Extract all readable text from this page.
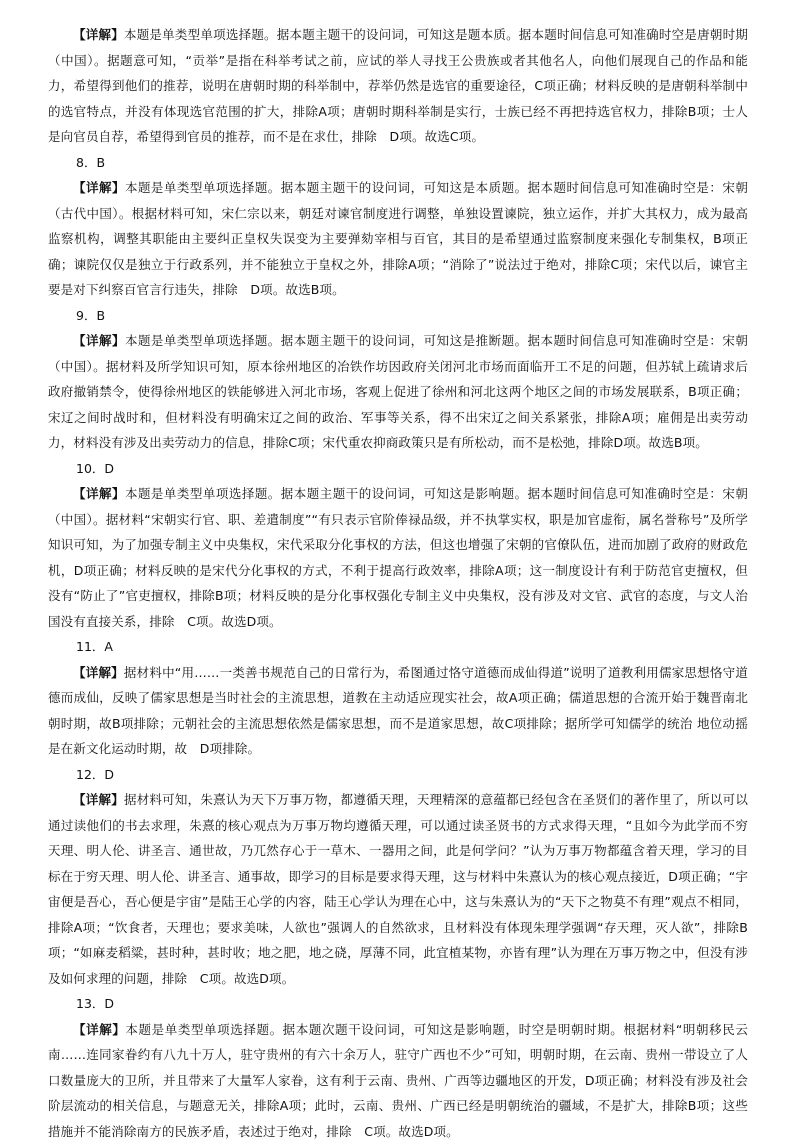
【详解】本题是单类型单项选择题。据本题主题干的设问词，可知这是题本质。据本题时间信息可知准确时空是唐朝时期（中国）。据题意可知，“贡举”是指在科举考试之前，应试的举人寻找王公贵族或者其他名人，向他们展现自己的作品和能力，希望得到他们的推荐，说明在唐朝时期的科举制中，荐举仍然是选官的重要途径，C项正确；材料反映的是唐朝科举制中的选官特点，并没有体现选官范围的扩大，排除A项；唐朝时期科举制是实行，士族已经不再把持选官权力，排除B项；士人是向官员自荐，希望得到官员的推荐，而不是在求仕，排除　D项。故选C项。

8．B

【详解】本题是单类型单项选择题。据本题主题干的设问词，可知这是本质题。据本题时间信息可知准确时空是：宋朝（古代中国）。根据材料可知，宋仁宗以来，朝廷对谏官制度进行调整，单独设置谏院，独立运作，并扩大其权力，成为最高监察机构，调整其职能由主要纠正皇权失误变为主要弹劾宰相与百官，其目的是希望通过监察制度来强化专制集权，B项正确；谏院仅仅是独立于行政系列，并不能独立于皇权之外，排除A项；“消除了”说法过于绝对，排除C项；宋代以后，谏官主要是对下纠察百官言行违失，排除　D项。故选B项。

9．B

【详解】本题是单类型单项选择题。据本题主题干的设问词，可知这是推断题。据本题时间信息可知准确时空是：宋朝（中国）。据材料及所学知识可知，原本徐州地区的冶铁作坊因政府关闭河北市场而面临开工不足的问题，但苏轼上疏请求后政府撤销禁令，使得徐州地区的铁能够进入河北市场，客观上促进了徐州和河北这两个地区之间的市场发展联系，B项正确；宋辽之间时战时和，但材料没有明确宋辽之间的政治、军事等关系，得不出宋辽之间关系紧张，排除A项；雇佣是出卖劳动力，材料没有涉及出卖劳动力的信息，排除C项；宋代重农抑商政策只是有所松动，而不是松弛，排除D项。故选B项。

10．D

【详解】本题是单类型单项选择题。据本题主题干的设问词，可知这是影响题。据本题时间信息可知准确时空是：宋朝（中国）。据材料“宋朝实行官、职、差遣制度”“有只表示官阶俸禄品级，并不执掌实权，职是加官虚衔，属名誉称号”及所学知识可知，为了加强专制主义中央集权，宋代采取分化事权的方法，但这也增强了宋朝的官僚队伍，进而加剧了政府的财政危机，D项正确；材料反映的是宋代分化事权的方式，不利于提高行政效率，排除A项；这一制度设计有利于防范官吏擅权，但没有“防止了”官吏擅权，排除B项；材料反映的是分化事权强化专制主义中央集权，没有涉及对文官、武官的态度，与文人治国没有直接关系，排除　C项。故选D项。

11．A

【详解】据材料中“用……一类善书规范自己的日常行为，希图通过恪守道德而成仙得道”说明了道教利用儒家思想恪守道德而成仙，反映了儒家思想是当时社会的主流思想，道教在主动适应现实社会，故A项正确；儒道思想的合流开始于魏晋南北朝时期，故B项排除；元朝社会的主流思想依然是儒家思想，而不是道家思想，故C项排除；据所学可知儒学的统治 地位动摇是在新文化运动时期，故　D项排除。

12．D

【详解】据材料可知，朱熹认为天下万事万物，都遵循天理，天理精深的意蕴都已经包含在圣贤们的著作里了，所以可以通过读他们的书去求理，朱熹的核心观点为万事万物均遵循天理，可以通过读圣贤书的方式求得天理，“且如今为此学而不穷天理、明人伦、讲圣言、通世故，乃兀然存心于一草木、一器用之间，此是何学问？”认为万事万物都蕴含着天理，学习的目标在于穷天理、明人伦、讲圣言、通事故，即学习的目标是要求得天理，这与材料中朱熹认为的核心观点接近，D项正确；“宇宙便是吾心，吾心便是宇宙”是陆王心学的内容，陆王心学认为理在心中，这与朱熹认为的“天下之物莫不有理”观点不相同，排除A项；“饮食者，天理也；要求美味，人欲也”强调人的自然欲求，且材料没有体现朱理学强调“存天理，灭人欲”，排除B项；“如麻麦稻粱，甚时种，甚时收；地之肥，地之硗，厚薄不同，此宜植某物，亦皆有理”认为理在万事万物之中，但没有涉及如何求理的问题，排除　C项。故选D项。

13．D

【详解】本题是单类型单项选择题。据本题次题干设问词，可知这是影响题，时空是明朝时期。根据材料“明朝移民云南……连同家眷约有八九十万人，驻守贵州的有六十余万人，驻守广西也不少”可知，明朝时期，在云南、贵州一带设立了人口数量庞大的卫所，并且带来了大量军人家眷，这有利于云南、贵州、广西等边疆地区的开发，D项正确；材料没有涉及社会阶层流动的相关信息，与题意无关，排除A项；此时，云南、贵州、广西已经是明朝统治的疆域，不是扩大，排除B项；这些措施并不能消除南方的民族矛盾，表述过于绝对，排除　C项。故选D项。
